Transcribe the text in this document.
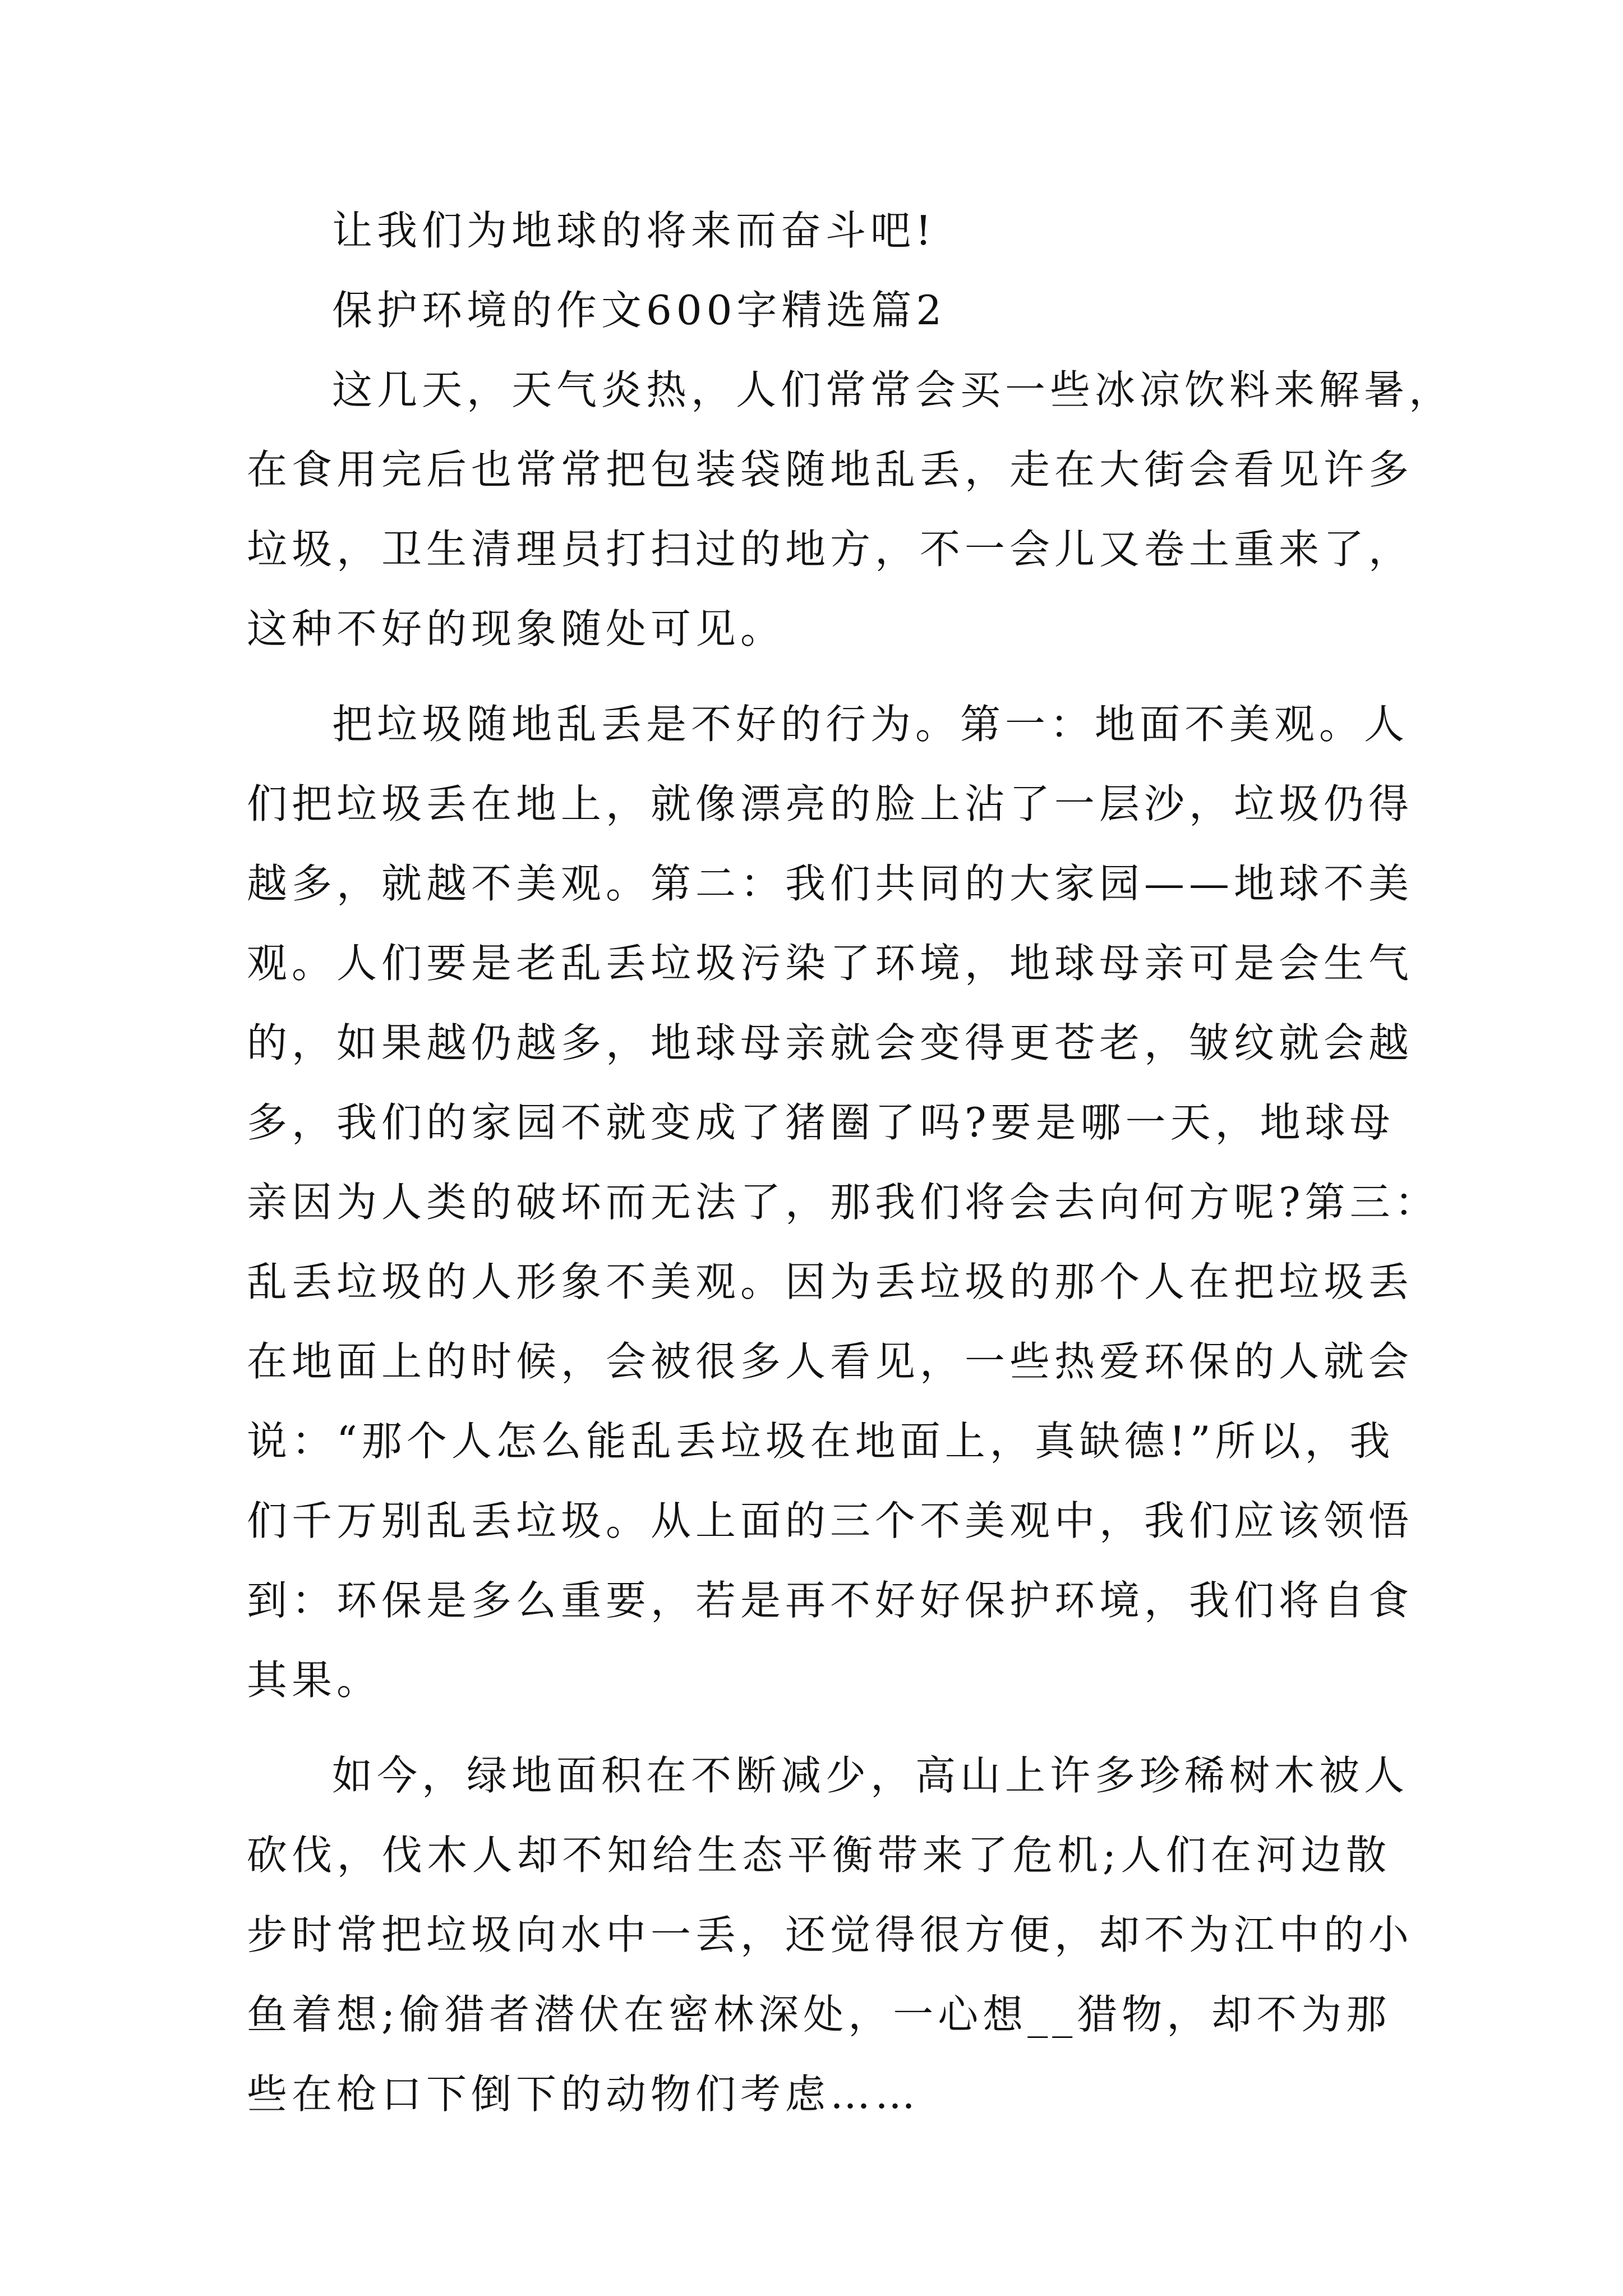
让我们为地球的将来而奋斗吧!
保护环境的作文600字精选篇2
这几天，天气炎热，人们常常会买一些冰凉饮料来解暑，
在食用完后也常常把包装袋随地乱丢，走在大街会看见许多
垃圾，卫生清理员打扫过的地方，不一会儿又卷土重来了，
这种不好的现象随处可见。
把垃圾随地乱丢是不好的行为。第一：地面不美观。人
们把垃圾丢在地上，就像漂亮的脸上沾了一层沙，垃圾仍得
越多，就越不美观。第二：我们共同的大家园——地球不美
观。人们要是老乱丢垃圾污染了环境，地球母亲可是会生气
的，如果越仍越多，地球母亲就会变得更苍老，皱纹就会越
多，我们的家园不就变成了猪圈了吗?要是哪一天，地球母
亲因为人类的破坏而无法了，那我们将会去向何方呢?第三：
乱丢垃圾的人形象不美观。因为丢垃圾的那个人在把垃圾丢
在地面上的时候，会被很多人看见，一些热爱环保的人就会
说：“那个人怎么能乱丢垃圾在地面上，真缺德!”所以，我
们千万别乱丢垃圾。从上面的三个不美观中，我们应该领悟
到：环保是多么重要，若是再不好好保护环境，我们将自食
其果。
如今，绿地面积在不断减少，高山上许多珍稀树木被人
砍伐，伐木人却不知给生态平衡带来了危机;人们在河边散
步时常把垃圾向水中一丢，还觉得很方便，却不为江中的小
鱼着想;偷猎者潜伏在密林深处，一心想__猎物，却不为那
些在枪口下倒下的动物们考虑……
